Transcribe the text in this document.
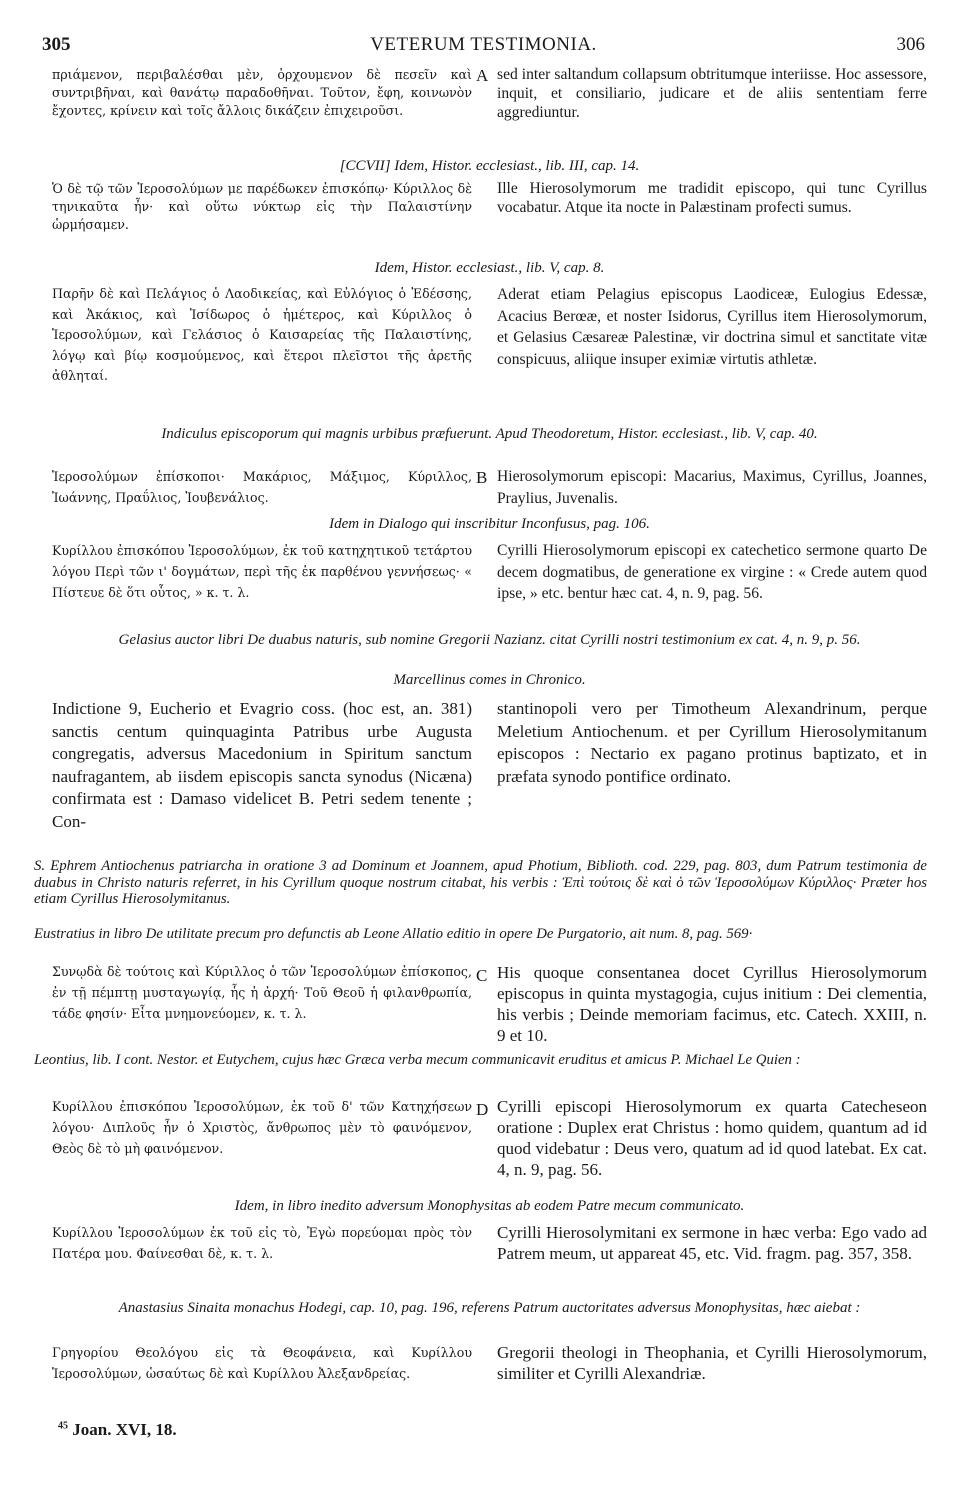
305	VETERUM TESTIMONIA.	306
πριάμενον, περιβαλέσθαι μὲν, ὀρχουμενον δὲ πεσεῖν καὶ συντριβῆναι, καὶ θανάτῳ παραδοθῆναι. Τοῦτον, ἔφη, κοινωνὸν ἔχοντες, κρίνειν καὶ τοῖς ἄλλοις δικάζειν ἐπιχειροῦσι.
A sed inter saltandum collapsum obtritumque interiisse. Hoc assessore, inquit, et consiliario, judicare et de aliis sententiam ferre aggrediuntur.
[CCVII] Idem, Histor. ecclesiast., lib. III, cap. 14.
Ὁ δὲ τῷ τῶν Ἱεροσολύμων με παρέδωκεν ἐπισκόπῳ· Κύριλλος δὲ τηνικαῦτα ἦν· καὶ οὕτω νύκτωρ εἰς τὴν Παλαιστίνην ὡρμήσαμεν.
Ille Hierosolymorum me tradidit episcopo, qui tunc Cyrillus vocabatur. Atque ita nocte in Palæstinam profecti sumus.
Idem, Histor. ecclesiast., lib. V, cap. 8.
Παρῆν δὲ καὶ Πελάγιος ὁ Λαοδικείας, καὶ Εὐλόγιος ὁ Ἐδέσσης, καὶ Ἀκάκιος, καὶ Ἰσίδωρος ὁ ἡμέτερος, καὶ Κύριλλος ὁ Ἱεροσολύμων, καὶ Γελάσιος ὁ Καισαρείας τῆς Παλαιστίνης, λόγῳ καὶ βίῳ κοσμούμενος, καὶ ἕτεροι πλεῖστοι τῆς ἀρετῆς ἀθληταί.
Aderat etiam Pelagius episcopus Laodiceæ, Eulogius Edessæ, Acacius Berœæ, et noster Isidorus, Cyrillus item Hierosolymorum, et Gelasius Cæsareæ Palestinæ, vir doctrina simul et sanctitate vitæ conspicuus, aliique insuper eximiæ virtutis athletæ.
Indiculus episcoporum qui magnis urbibus præfuerunt. Apud Theodoretum, Histor. ecclesiast., lib. V, cap. 40.
Ἱεροσολύμων ἐπίσκοποι· Μακάριος, Μάξιμος, Κύριλλος, Ἰωάννης, Πραΰλιος, Ἰουβενάλιος.
B Hierosolymorum episcopi: Macarius, Maximus, Cyrillus, Joannes, Praylius, Juvenalis.
Idem in Dialogo qui inscribitur Inconfusus, pag. 106.
Κυρίλλου ἐπισκόπου Ἱεροσολύμων, ἐκ τοῦ κατηχητικοῦ τετάρτου λόγου Περὶ τῶν ι' δογμάτων, περὶ τῆς ἐκ παρθένου γεννήσεως· « Πίστευε δὲ ὅτι οὗτος, » κ. τ. λ.
Cyrilli Hierosolymorum episcopi ex catechetico sermone quarto De decem dogmatibus, de generatione ex virgine : « Crede autem quod ipse, » etc. bentur hæc cat. 4, n. 9, pag. 56.
Gelasius auctor libri De duabus naturis, sub nomine Gregorii Nazianz. citat Cyrilli nostri testimonium ex cat. 4, n. 9, p. 56.
Marcellinus comes in Chronico.
Indictione 9, Eucherio et Evagrio coss. (hoc est, an. 381) sanctis centum quinquaginta Patribus urbe Augusta congregatis, adversus Macedonium in Spiritum sanctum naufragantem, ab iisdem episcopis sancta synodus (Nicæna) confirmata est : Damaso videlicet B. Petri sedem tenente ; Con-
stantinopoli vero per Timotheum Alexandrinum, perque Meletium Antiochenum. et per Cyrillum Hierosolymitanum episcopos : Nectario ex pagano protinus baptizato, et in præfata synodo pontifice ordinato.
S. Ephrem Antiochenus patriarcha in oratione 3 ad Dominum et Joannem, apud Photium, Biblioth. cod. 229, pag. 803, dum Patrum testimonia de duabus in Christo naturis referret, in his Cyrillum quoque nostrum citabat, his verbis : Ἐπὶ τούτοις δὲ καὶ ὁ τῶν Ἱεροσολύμων Κύριλλος· Præter hos etiam Cyrillus Hierosolymitanus.
Eustratius in libro De utilitate precum pro defunctis ab Leone Allatio editio in opere De Purgatorio, ait num. 8, pag. 569·
Συνῳδὰ δὲ τούτοις καὶ Κύριλλος ὁ τῶν Ἱεροσολύμων ἐπίσκοπος, ἐν τῇ πέμπτῃ μυσταγωγίᾳ, ἧς ἡ ἀρχή· Τοῦ Θεοῦ ἡ φιλανθρωπία, τάδε φησίν· Εἶτα μνημονεύομεν, κ. τ. λ.
C His quoque consentanea docet Cyrillus Hierosolymorum episcopus in quinta mystagogia, cujus initium : Dei clementia, his verbis ; Deinde memoriam facimus, etc. Catech. XXIII, n. 9 et 10.
Leontius, lib. I cont. Nestor. et Eutychem, cujus hæc Græca verba mecum communicavit eruditus et amicus P. Michael Le Quien :
Κυρίλλου ἐπισκόπου Ἱεροσολύμων, ἐκ τοῦ δ' τῶν Κατηχήσεων λόγου· Διπλοῦς ἦν ὁ Χριστὸς, ἄνθρωπος μὲν τὸ φαινόμενον, Θεὸς δὲ τὸ μὴ φαινόμενον.
D Cyrilli episcopi Hierosolymorum ex quarta Catecheseon oratione : Duplex erat Christus : homo quidem, quantum ad id quod videbatur : Deus vero, quatum ad id quod latebat. Ex cat. 4, n. 9, pag. 56.
Idem, in libro inedito adversum Monophysitas ab eodem Patre mecum communicato.
Κυρίλλου Ἱεροσολύμων ἐκ τοῦ εἰς τὸ, Ἐγὼ πορεύομαι πρὸς τὸν Πατέρα μου. Φαίνεσθαι δὲ, κ. τ. λ.
Cyrilli Hierosolymitani ex sermone in hæc verba: Ego vado ad Patrem meum, ut appareat 45, etc. Vid. fragm. pag. 357, 358.
Anastasius Sinaita monachus Hodegi, cap. 10, pag. 196, referens Patrum auctoritates adversus Monophysitas, hæc aiebat :
Γρηγορίου Θεολόγου εἰς τὰ Θεοφάνεια, καὶ Κυρίλλου Ἱεροσολύμων, ὡσαύτως δὲ καὶ Κυρίλλου Ἀλεξανδρείας.
Gregorii theologi in Theophania, et Cyrilli Hierosolymorum, similiter et Cyrilli Alexandriæ.
$^{45}$ Joan. XVI, 18.
